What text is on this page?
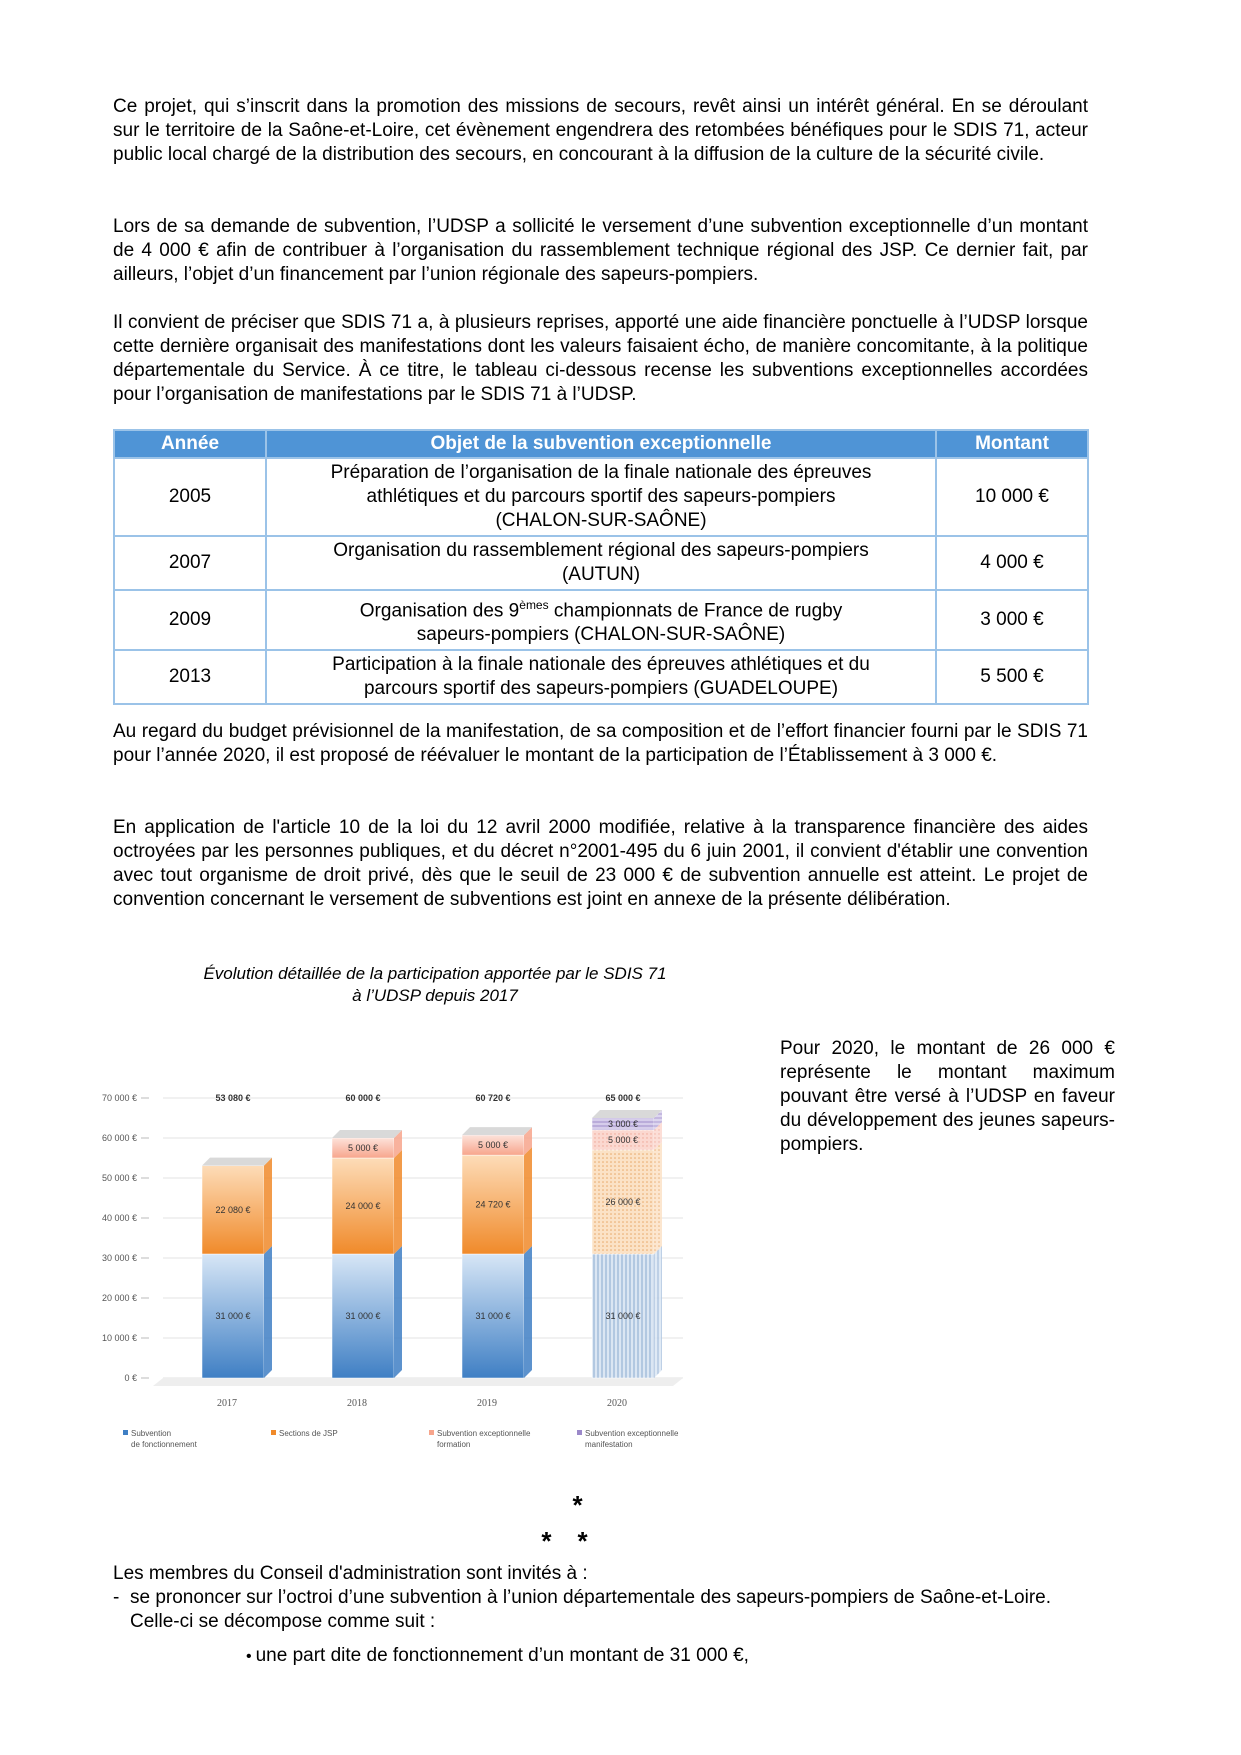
Ce projet, qui s’inscrit dans la promotion des missions de secours, revêt ainsi un intérêt général. En se déroulant sur le territoire de la Saône-et-Loire, cet évènement engendrera des retombées bénéfiques pour le SDIS 71, acteur public local chargé de la distribution des secours, en concourant à la diffusion de la culture de la sécurité civile.

Lors de sa demande de subvention, l’UDSP a sollicité le versement d’une subvention exceptionnelle d’un montant de 4 000 € afin de contribuer à l’organisation du rassemblement technique régional des JSP. Ce dernier fait, par ailleurs, l’objet d’un financement par l’union régionale des sapeurs-pompiers.

Il convient de préciser que SDIS 71 a, à plusieurs reprises, apporté une aide financière ponctuelle à l’UDSP lorsque cette dernière organisait des manifestations dont les valeurs faisaient écho, de manière concomitante, à la politique départementale du Service. À ce titre, le tableau ci-dessous recense les subventions exceptionnelles accordées pour l’organisation de manifestations par le SDIS 71 à l’UDSP.

Année	Objet de la subvention exceptionnelle	Montant
2005	Préparation de l’organisation de la finale nationale des épreuves
athlétiques et du parcours sportif des sapeurs-pompiers
(CHALON-SUR-SAÔNE)	10 000 €
2007	Organisation du rassemblement régional des sapeurs-pompiers
(AUTUN)	4 000 €
2009	Organisation des 9èmes championnats de France de rugby
sapeurs-pompiers (CHALON-SUR-SAÔNE)	3 000 €
2013	Participation à la finale nationale des épreuves athlétiques et du
parcours sportif des sapeurs-pompiers (GUADELOUPE)	5 500 €

Au regard du budget prévisionnel de la manifestation, de sa composition et de l’effort financier fourni par le SDIS 71 pour l’année 2020, il est proposé de réévaluer le montant de la participation de l’Établissement à 3 000 €.

En application de l'article 10 de la loi du 12 avril 2000 modifiée, relative à la transparence financière des aides octroyées par les personnes publiques, et du décret n°2001-495 du 6 juin 2001, il convient d'établir une convention avec tout organisme de droit privé, dès que le seuil de 23 000 € de subvention annuelle est atteint. Le projet de convention concernant le versement de subventions est joint en annexe de la présente délibération.

Évolution détaillée de la participation apportée par le SDIS 71
à l’UDSP depuis 2017
0 €
10 000 €
20 000 €
30 000 €
40 000 €
50 000 €
60 000 €
70 000 €
31 000 €
22 080 €
53 080 €
31 000 €
24 000 €
5 000 €
60 000 €
31 000 €
24 720 €
5 000 €
60 720 €
31 000 €
26 000 €
5 000 €
3 000 €
65 000 €
2017	2018	2019	2020
Subvention
de fonctionnement
Sections de JSP	Subvention exceptionnelle
formation
Subvention exceptionnelle
manifestation

Pour 2020, le montant de 26 000 € représente le montant maximum pouvant être versé à l’UDSP en faveur du développement des jeunes sapeurs-pompiers.

*
**

Les membres du Conseil d'administration sont invités à :

- se prononcer sur l’octroi d’une subvention à l’union départementale des sapeurs-pompiers de Saône-et-Loire. Celle-ci se décompose comme suit :

• une part dite de fonctionnement d’un montant de 31 000 €,
